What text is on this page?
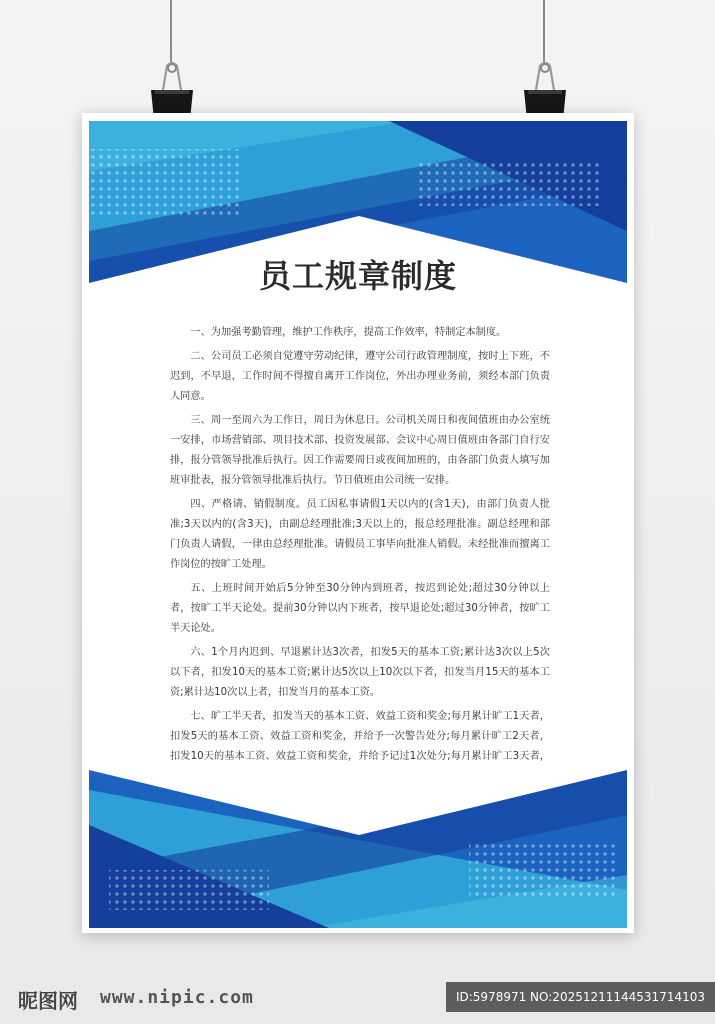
员工规章制度

一、为加强考勤管理，维护工作秩序，提高工作效率，特制定本制度。

二、公司员工必须自觉遵守劳动纪律，遵守公司行政管理制度，按时上下班，不迟到，不早退，工作时间不得擅自离开工作岗位，外出办理业务前，须经本部门负责人同意。

三、周一至周六为工作日，周日为休息日。公司机关周日和夜间值班由办公室统一安排，市场营销部、项目技术部、投资发展部、会议中心周日值班由各部门自行安排，报分管领导批准后执行。因工作需要周日或夜间加班的，由各部门负责人填写加班审批表，报分管领导批准后执行。节日值班由公司统一安排。

四、严格请、销假制度。员工因私事请假1天以内的(含1天)，由部门负责人批准;3天以内的(含3天)，由副总经理批准;3天以上的，报总经理批准。副总经理和部门负责人请假，一律由总经理批准。请假员工事毕向批准人销假。未经批准而擅离工作岗位的按旷工处理。

五、上班时间开始后5分钟至30分钟内到班者，按迟到论处;超过30分钟以上者，按旷工半天论处。提前30分钟以内下班者，按早退论处;超过30分钟者，按旷工半天论处。

六、1个月内迟到、早退累计达3次者，扣发5天的基本工资;累计达3次以上5次以下者，扣发10天的基本工资;累计达5次以上10次以下者，扣发当月15天的基本工资;累计达10次以上者，扣发当月的基本工资。

七、旷工半天者，扣发当天的基本工资、效益工资和奖金;每月累计旷工1天者，扣发5天的基本工资、效益工资和奖金，并给予一次警告处分;每月累计旷工2天者，扣发10天的基本工资、效益工资和奖金，并给予记过1次处分;每月累计旷工3天者，

昵图网 www.nipic.com	ID:5978971 NO:20251211144531714103
